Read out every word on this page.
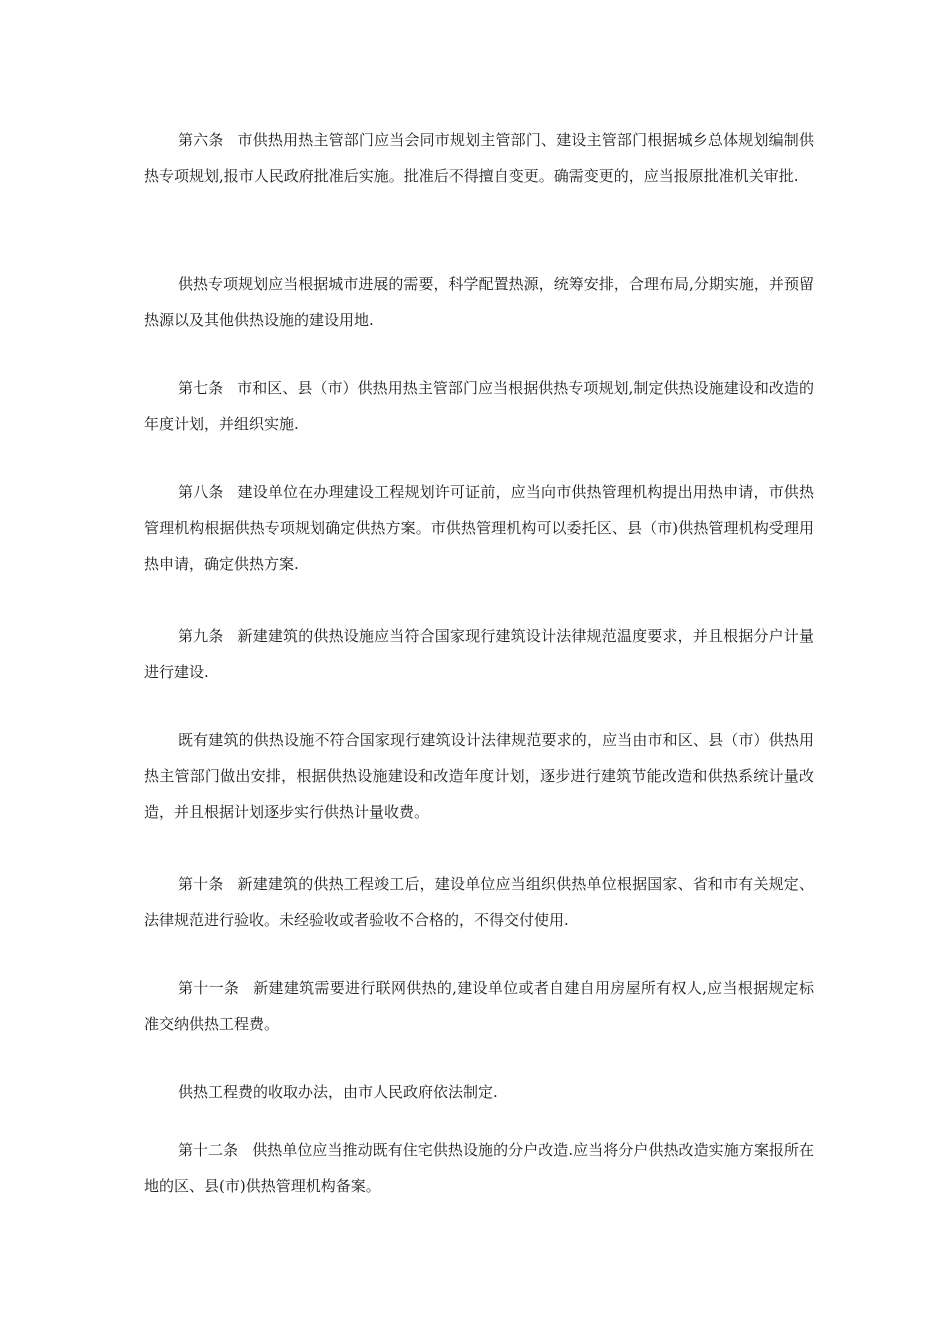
第六条 市供热用热主管部门应当会同市规划主管部门、建设主管部门根据城乡总体规划编制供热专项规划,报市人民政府批准后实施。批准后不得擅自变更。确需变更的，应当报原批准机关审批.

供热专项规划应当根据城市进展的需要，科学配置热源，统筹安排，合理布局,分期实施，并预留热源以及其他供热设施的建设用地.

第七条 市和区、县（市）供热用热主管部门应当根据供热专项规划,制定供热设施建设和改造的年度计划，并组织实施.

第八条 建设单位在办理建设工程规划许可证前，应当向市供热管理机构提出用热申请，市供热管理机构根据供热专项规划确定供热方案。市供热管理机构可以委托区、县（市)供热管理机构受理用热申请，确定供热方案.

第九条 新建建筑的供热设施应当符合国家现行建筑设计法律规范温度要求，并且根据分户计量进行建设.

既有建筑的供热设施不符合国家现行建筑设计法律规范要求的，应当由市和区、县（市）供热用热主管部门做出安排，根据供热设施建设和改造年度计划，逐步进行建筑节能改造和供热系统计量改造，并且根据计划逐步实行供热计量收费。

第十条 新建建筑的供热工程竣工后，建设单位应当组织供热单位根据国家、省和市有关规定、法律规范进行验收。未经验收或者验收不合格的，不得交付使用.

第十一条 新建建筑需要进行联网供热的,建设单位或者自建自用房屋所有权人,应当根据规定标准交纳供热工程费。

供热工程费的收取办法，由市人民政府依法制定.

第十二条 供热单位应当推动既有住宅供热设施的分户改造.应当将分户供热改造实施方案报所在地的区、县(市)供热管理机构备案。
